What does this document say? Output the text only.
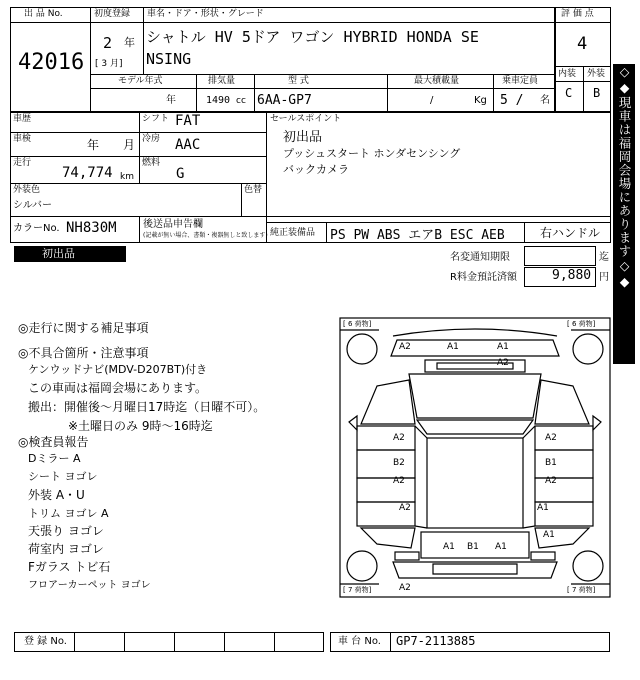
出 品 No.
42016
初度登録
2 年
[ 3 月]
車名・ドア・形状・グレード
シャトル HV 5ドア ワゴン HYBRID HONDA SE
NSING
モデル年式
年
排気量
1490 cc
型 式
6AA-GP7
最大積載量
/	Kg
乗車定員
5 / 名
評 価 点
4
内装 外装
C B
車歴
車検	年 月
走行
74,774 km
シフト FAT
冷房 AAC
燃料
G
外装色
シルバー
色替
カラーNo. NH830M	後送品申告欄
(記載が無い場合、書類・複器無しと致します)
セールスポイント
初出品
プッシュスタート ホンダセンシング
バックカメラ
純正装備品 PS PW ABS エアB ESC AEB	右ハンドル	◇◆現車は福岡会場にあります◇◆
初出品	名変通知期限	迄
R料金預託済額	9,880 円
◎走行に関する補足事項
◎不具合箇所・注意事項
ケンウッドナビ(MDV-D207BT)付き
この車両は福岡会場にあります。
搬出：開催後～月曜日17時迄（日曜不可）。
※土曜日のみ 9時～16時迄
◎検査員報告
Dミラー A
シート ヨゴレ
外装 A・U
トリム ヨゴレ A
天張り ヨゴレ
荷室内 ヨゴレ
Fガラス トビ石
フロアーカーペット ヨゴレ
[ 6 荷物]	[ 6 荷物]
[ 7 荷物]	[ 7 荷物]
A2	A1	A1
A2
A2	A2
B2
A2
B1
A2
A2	A1
A1
A1 B1 A1
A2
登 録 No.	車 台 No. GP7-2113885
